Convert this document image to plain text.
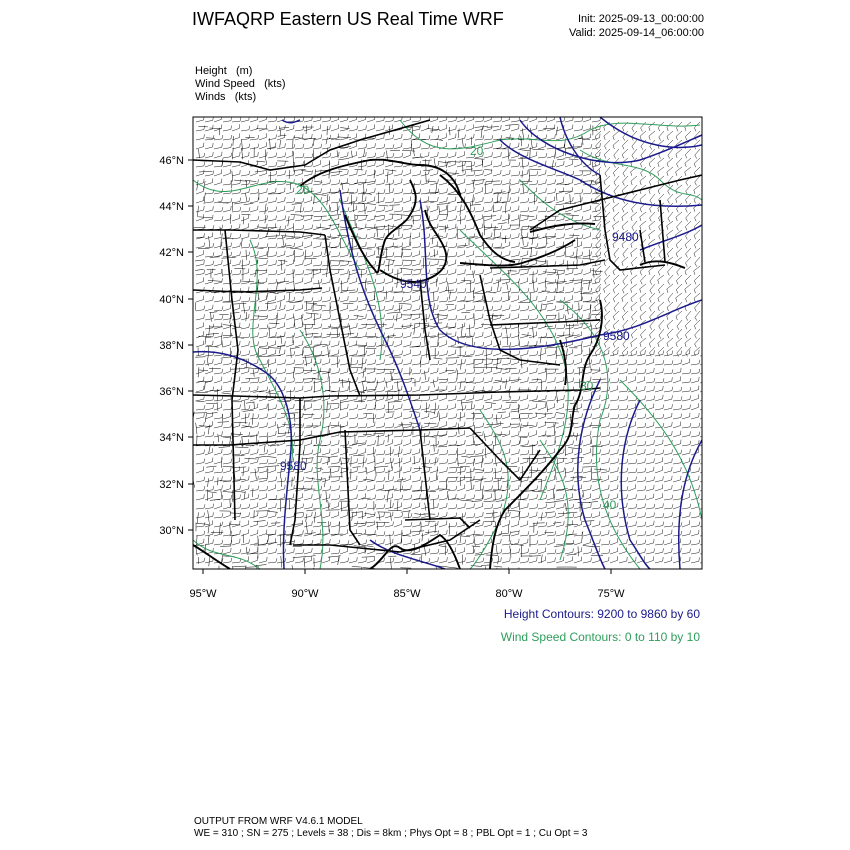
IWFAQRP Eastern US Real Time WRF	Init: 2025-09-13_00:00:00
Valid: 2025-09-14_06:00:00
Height (m)
Wind Speed (kts)
Winds (kts)
9480
9540
9580
9580
20
30
40
20
46°N
44°N
42°N
40°N
38°N
36°N
34°N
32°N
30°N
95°W	90°W	85°W	80°W	75°W
Height Contours: 9200 to 9860 by 60
Wind Speed Contours: 0 to 110 by 10
OUTPUT FROM WRF V4.6.1 MODEL
WE = 310 ; SN = 275 ; Levels = 38 ; Dis = 8km ; Phys Opt = 8 ; PBL Opt = 1 ; Cu Opt = 3
